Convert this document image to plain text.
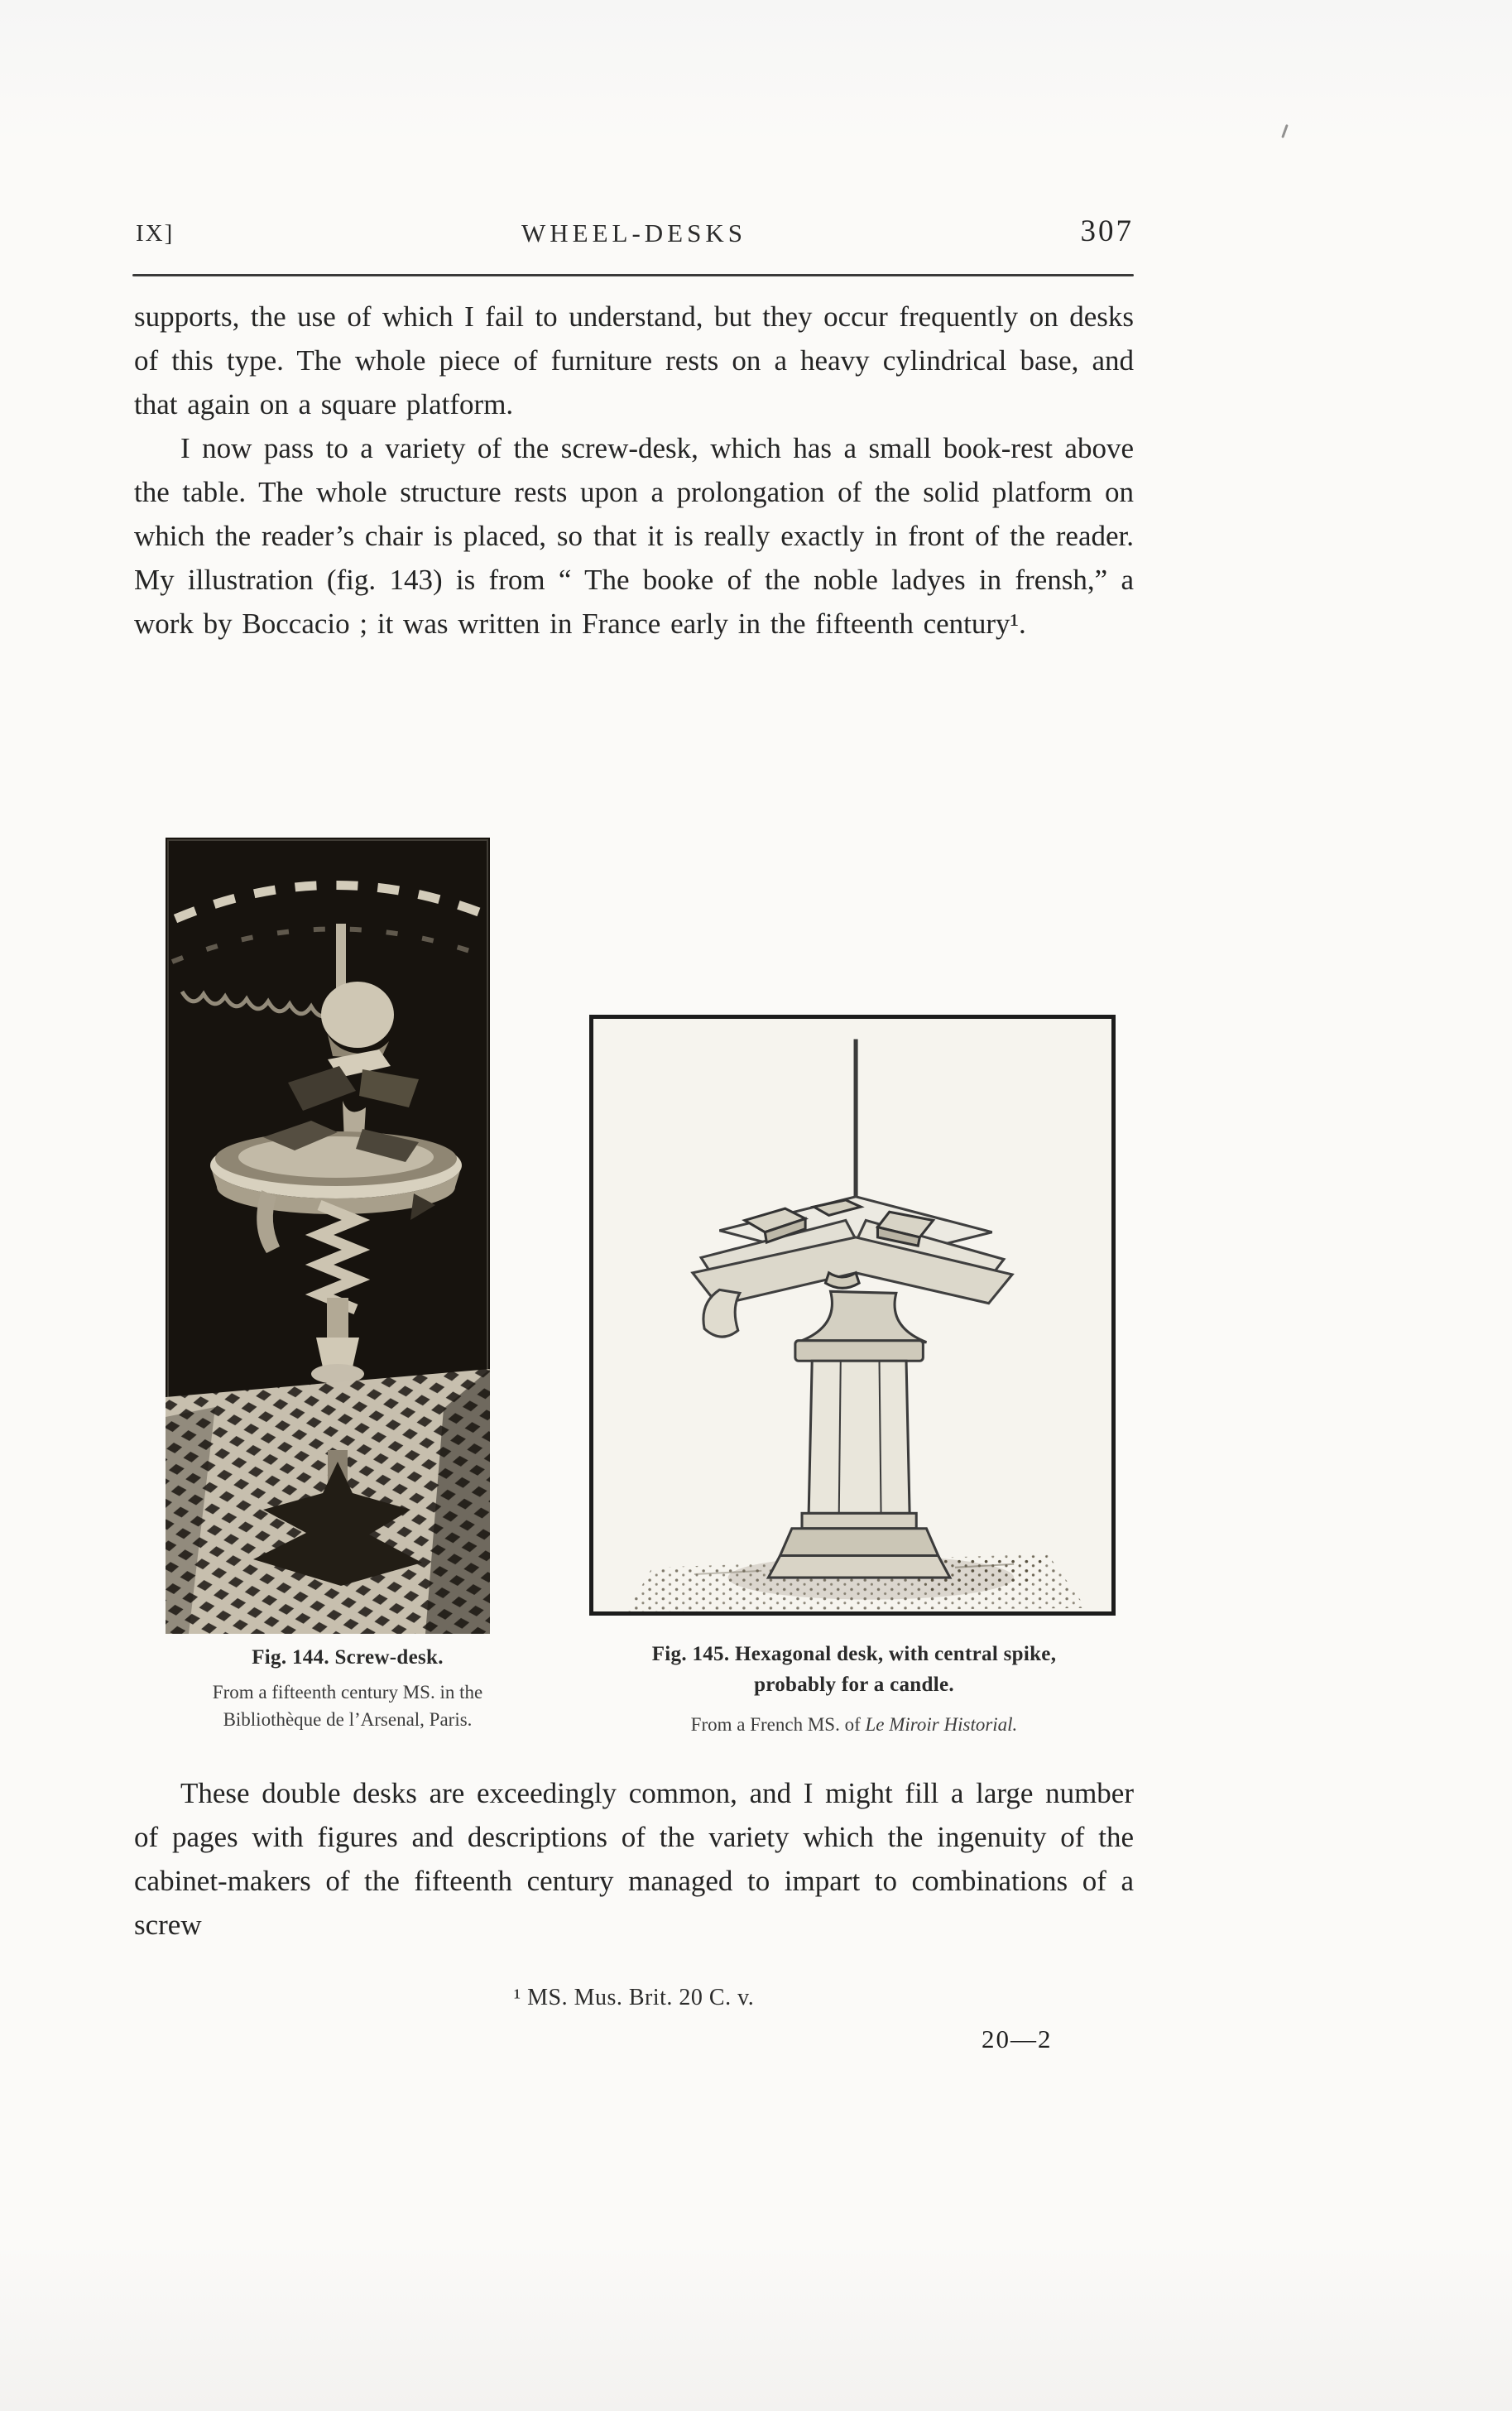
IX]	WHEEL-DESKS	307

supports, the use of which I fail to understand, but they occur frequently on desks of this type. The whole piece of furniture rests on a heavy cylindrical base, and that again on a square platform.

I now pass to a variety of the screw-desk, which has a small book-rest above the table. The whole structure rests upon a prolongation of the solid platform on which the reader’s chair is placed, so that it is really exactly in front of the reader. My illustration (fig. 143) is from “ The booke of the noble ladyes in frensh,” a work by Boccacio ; it was written in France early in the fifteenth century¹.

Fig. 144. Screw-desk.
From a fifteenth century MS. in the
Bibliothèque de l’Arsenal, Paris.
Fig. 145. Hexagonal desk, with central spike,
probably for a candle.
From a French MS. of Le Miroir Historial.

These double desks are exceedingly common, and I might fill a large number of pages with figures and descriptions of the variety which the ingenuity of the cabinet-makers of the fifteenth century managed to impart to combinations of a screw

¹ MS. Mus. Brit. 20 C. v.
20—2
